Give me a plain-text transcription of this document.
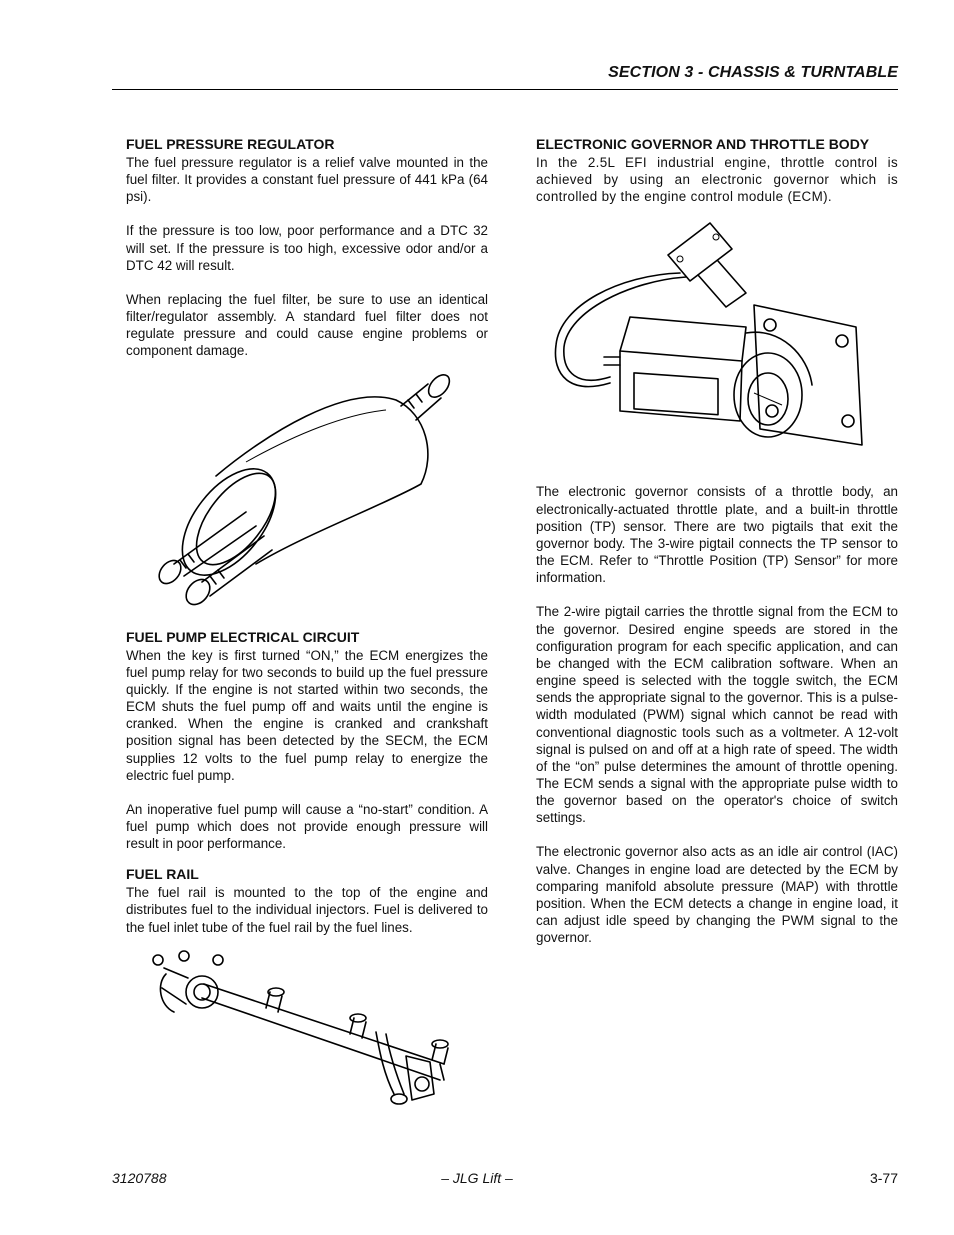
SECTION 3 - CHASSIS & TURNTABLE
FUEL PRESSURE REGULATOR

The fuel pressure regulator is a relief valve mounted in the fuel filter. It provides a constant fuel pressure of 441 kPa (64 psi).

If the pressure is too low, poor performance and a DTC 32 will set. If the pressure is too high, excessive odor and/or a DTC 42 will result.

When replacing the fuel filter, be sure to use an identical filter/regulator assembly. A standard fuel filter does not regulate pressure and could cause engine problems or component damage.

FUEL PUMP ELECTRICAL CIRCUIT

When the key is first turned “ON,” the ECM energizes the fuel pump relay for two seconds to build up the fuel pressure quickly. If the engine is not started within two seconds, the ECM shuts the fuel pump off and waits until the engine is cranked. When the engine is cranked and crankshaft position signal has been detected by the SECM, the ECM supplies 12 volts to the fuel pump relay to energize the electric fuel pump.

An inoperative fuel pump will cause a “no-start” condition. A fuel pump which does not provide enough pressure will result in poor performance.

FUEL RAIL

The fuel rail is mounted to the top of the engine and distributes fuel to the individual injectors. Fuel is delivered to the fuel inlet tube of the fuel rail by the fuel lines.

ELECTRONIC GOVERNOR AND THROTTLE BODY

In the 2.5L EFI industrial engine, throttle control is achieved by using an electronic governor which is controlled by the engine control module (ECM).

The electronic governor consists of a throttle body, an electronically-actuated throttle plate, and a built-in throttle position (TP) sensor. There are two pigtails that exit the governor body. The 3-wire pigtail connects the TP sensor to the ECM. Refer to “Throttle Position (TP) Sensor” for more information.

The 2-wire pigtail carries the throttle signal from the ECM to the governor. Desired engine speeds are stored in the configuration program for each specific application, and can be changed with the ECM calibration software. When an engine speed is selected with the toggle switch, the ECM sends the appropriate signal to the governor. This is a pulse-width modulated (PWM) signal which cannot be read with conventional diagnostic tools such as a voltmeter. A 12-volt signal is pulsed on and off at a high rate of speed. The width of the “on” pulse determines the amount of throttle opening. The ECM sends a signal with the appropriate pulse width to the governor based on the operator's choice of switch settings.

The electronic governor also acts as an idle air control (IAC) valve. Changes in engine load are detected by the ECM by comparing manifold absolute pressure (MAP) with throttle position. When the ECM detects a change in engine load, it can adjust idle speed by changing the PWM signal to the governor.

3120788	– JLG Lift –	3-77
